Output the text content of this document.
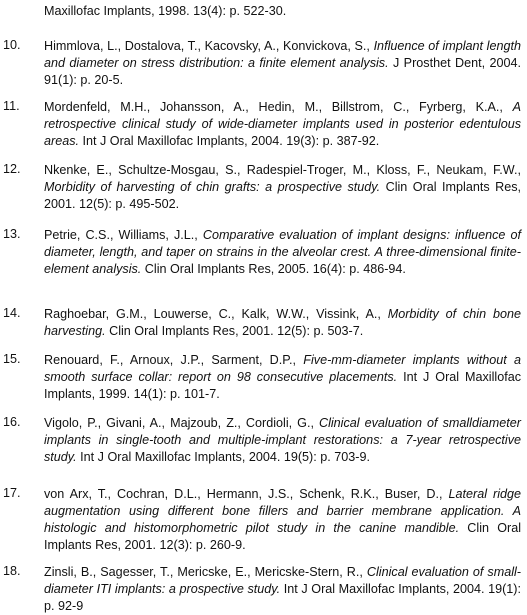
Maxillofac Implants, 1998. 13(4): p. 522-30.
10.	Himmlova, L., Dostalova, T., Kacovsky, A., Konvickova, S., Influence of implant length and diameter on stress distribution: a finite element analysis. J Prosthet Dent, 2004. 91(1): p. 20-5.
11.	Mordenfeld, M.H., Johansson, A., Hedin, M., Billstrom, C., Fyrberg, K.A., A retrospective clinical study of wide-diameter implants used in posterior edentulous areas. Int J Oral Maxillofac Implants, 2004. 19(3): p. 387-92.
12.	Nkenke, E., Schultze-Mosgau, S., Radespiel-Troger, M., Kloss, F., Neukam, F.W., Morbidity of harvesting of chin grafts: a prospective study. Clin Oral Implants Res, 2001. 12(5): p. 495-502.
13.	Petrie, C.S., Williams, J.L., Comparative evaluation of implant designs: influence of diameter, length, and taper on strains in the alveolar crest. A three-dimensional finite-element analysis. Clin Oral Implants Res, 2005. 16(4): p. 486-94.
14.	Raghoebar, G.M., Louwerse, C., Kalk, W.W., Vissink, A., Morbidity of chin bone harvesting. Clin Oral Implants Res, 2001. 12(5): p. 503-7.
15.	Renouard, F., Arnoux, J.P., Sarment, D.P., Five-mm-diameter implants without a smooth surface collar: report on 98 consecutive placements. Int J Oral Maxillofac Implants, 1999. 14(1): p. 101-7.
16.	Vigolo, P., Givani, A., Majzoub, Z., Cordioli, G., Clinical evaluation of smalldiameter implants in single-tooth and multiple-implant restorations: a 7-year retrospective study. Int J Oral Maxillofac Implants, 2004. 19(5): p. 703-9.
17.	von Arx, T., Cochran, D.L., Hermann, J.S., Schenk, R.K., Buser, D., Lateral ridge augmentation using different bone fillers and barrier membrane application. A histologic and histomorphometric pilot study in the canine mandible. Clin Oral Implants Res, 2001. 12(3): p. 260-9.
18.	Zinsli, B., Sagesser, T., Mericske, E., Mericske-Stern, R., Clinical evaluation of small-diameter ITI implants: a prospective study. Int J Oral Maxillofac Implants, 2004. 19(1): p. 92-9
